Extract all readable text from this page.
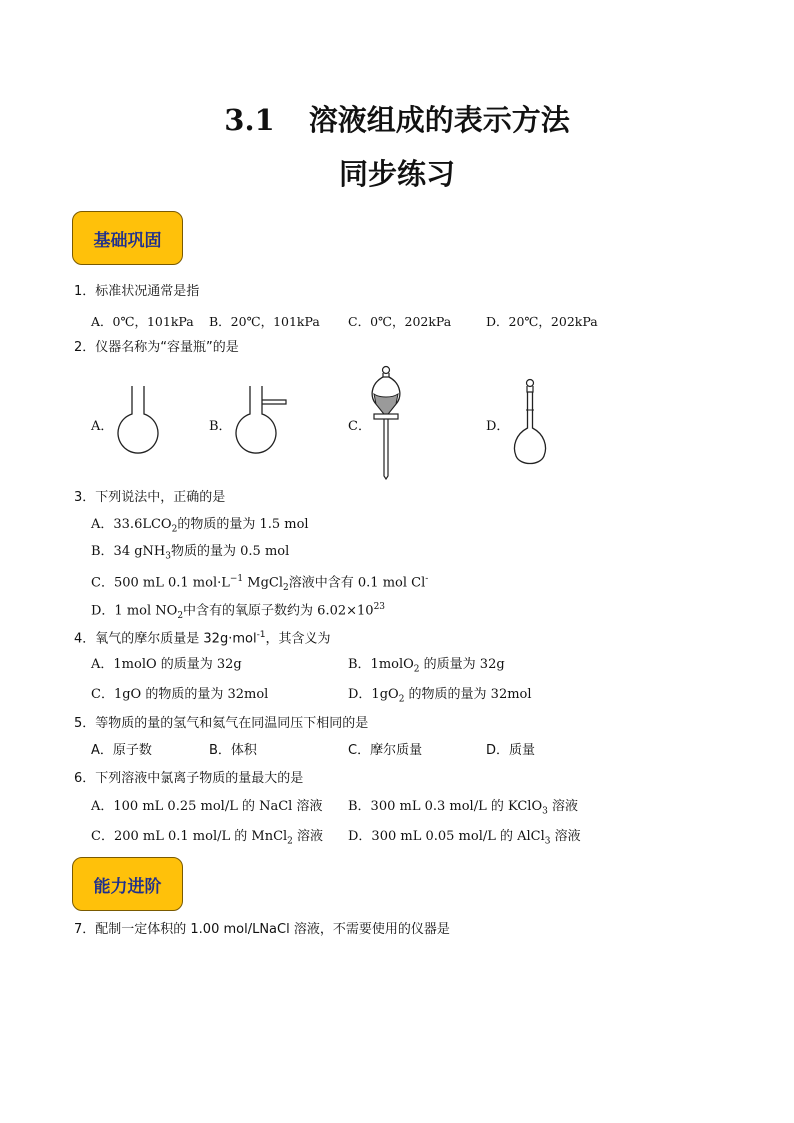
3.1 溶液组成的表示方法
同步练习
基础巩固
1．标准状况通常是指
A．0℃，101kPa B．20℃，101kPa C．0℃，202kPa	D．20℃，202kPa
2．仪器名称为“容量瓶”的是
A．	B．	C．	D．
3．下列说法中，正确的是
A．$33.6LCO_2$的物质的量为 1.5 mol
B．34 gNH$_3$物质的量为 0.5 mol
C．500 mL 0.1 $mol\cdot L^{-1}$ MgCl$_2$溶液中含有 0.1 mol Cl-
D．1 mol $NO_2$中含有的氧原子数约为 $6.02\times 10^{23}$
4．氧气的摩尔质量是 32g·mol$^{-1}$，其含义为
A．1molO 的质量为 32g	B．1molO$_2$ 的质量为 32g
C．1gO 的物质的量为 32mol	D．$1gO_2$ 的物质的量为 32mol
5．等物质的量的氢气和氦气在同温同压下相同的是
A．原子数	B．体积	C．摩尔质量	D．质量
6．下列溶液中氯离子物质的量最大的是
A．100 mL 0.25 mol/L 的 NaCl 溶液 B．300 mL 0.3 mol/L 的 KClO$_3$ 溶液
C．200 mL 0.1 mol/L 的 MnCl$_2$ 溶液 D．300 mL 0.05 mol/L 的 AlCl$_3$ 溶液
能力进阶
7．配制一定体积的 1.00 mol/LNaCl 溶液，不需要使用的仪器是
